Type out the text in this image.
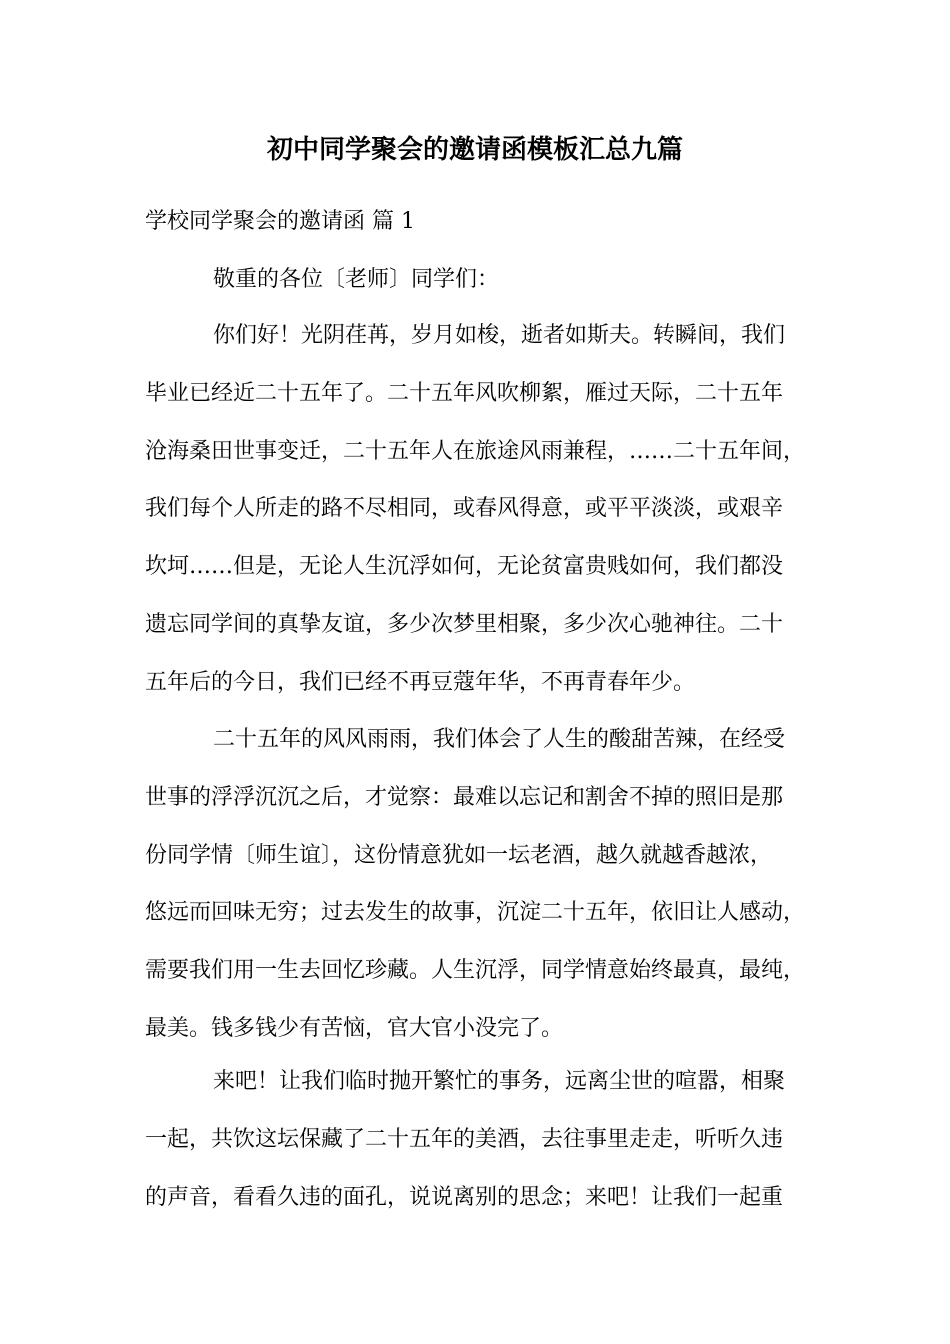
初中同学聚会的邀请函模板汇总九篇
学校同学聚会的邀请函 篇 1
敬重的各位〔老师〕同学们：
你们好！光阴荏苒，岁月如梭，逝者如斯夫。转瞬间，我们
毕业已经近二十五年了。二十五年风吹柳絮，雁过天际，二十五年
沧海桑田世事变迁，二十五年人在旅途风雨兼程，……二十五年间，
我们每个人所走的路不尽相同，或春风得意，或平平淡淡，或艰辛
坎坷……但是，无论人生沉浮如何，无论贫富贵贱如何，我们都没
遗忘同学间的真挚友谊，多少次梦里相聚，多少次心驰神往。二十
五年后的今日，我们已经不再豆蔻年华，不再青春年少。
二十五年的风风雨雨，我们体会了人生的酸甜苦辣，在经受
世事的浮浮沉沉之后，才觉察：最难以忘记和割舍不掉的照旧是那
份同学情〔师生谊〕，这份情意犹如一坛老酒，越久就越香越浓，
悠远而回味无穷；过去发生的故事，沉淀二十五年，依旧让人感动，
需要我们用一生去回忆珍藏。人生沉浮，同学情意始终最真，最纯，
最美。钱多钱少有苦恼，官大官小没完了。
来吧！让我们临时抛开繁忙的事务，远离尘世的喧嚣，相聚
一起，共饮这坛保藏了二十五年的美酒，去往事里走走，听听久违
的声音，看看久违的面孔，说说离别的思念；来吧！让我们一起重
